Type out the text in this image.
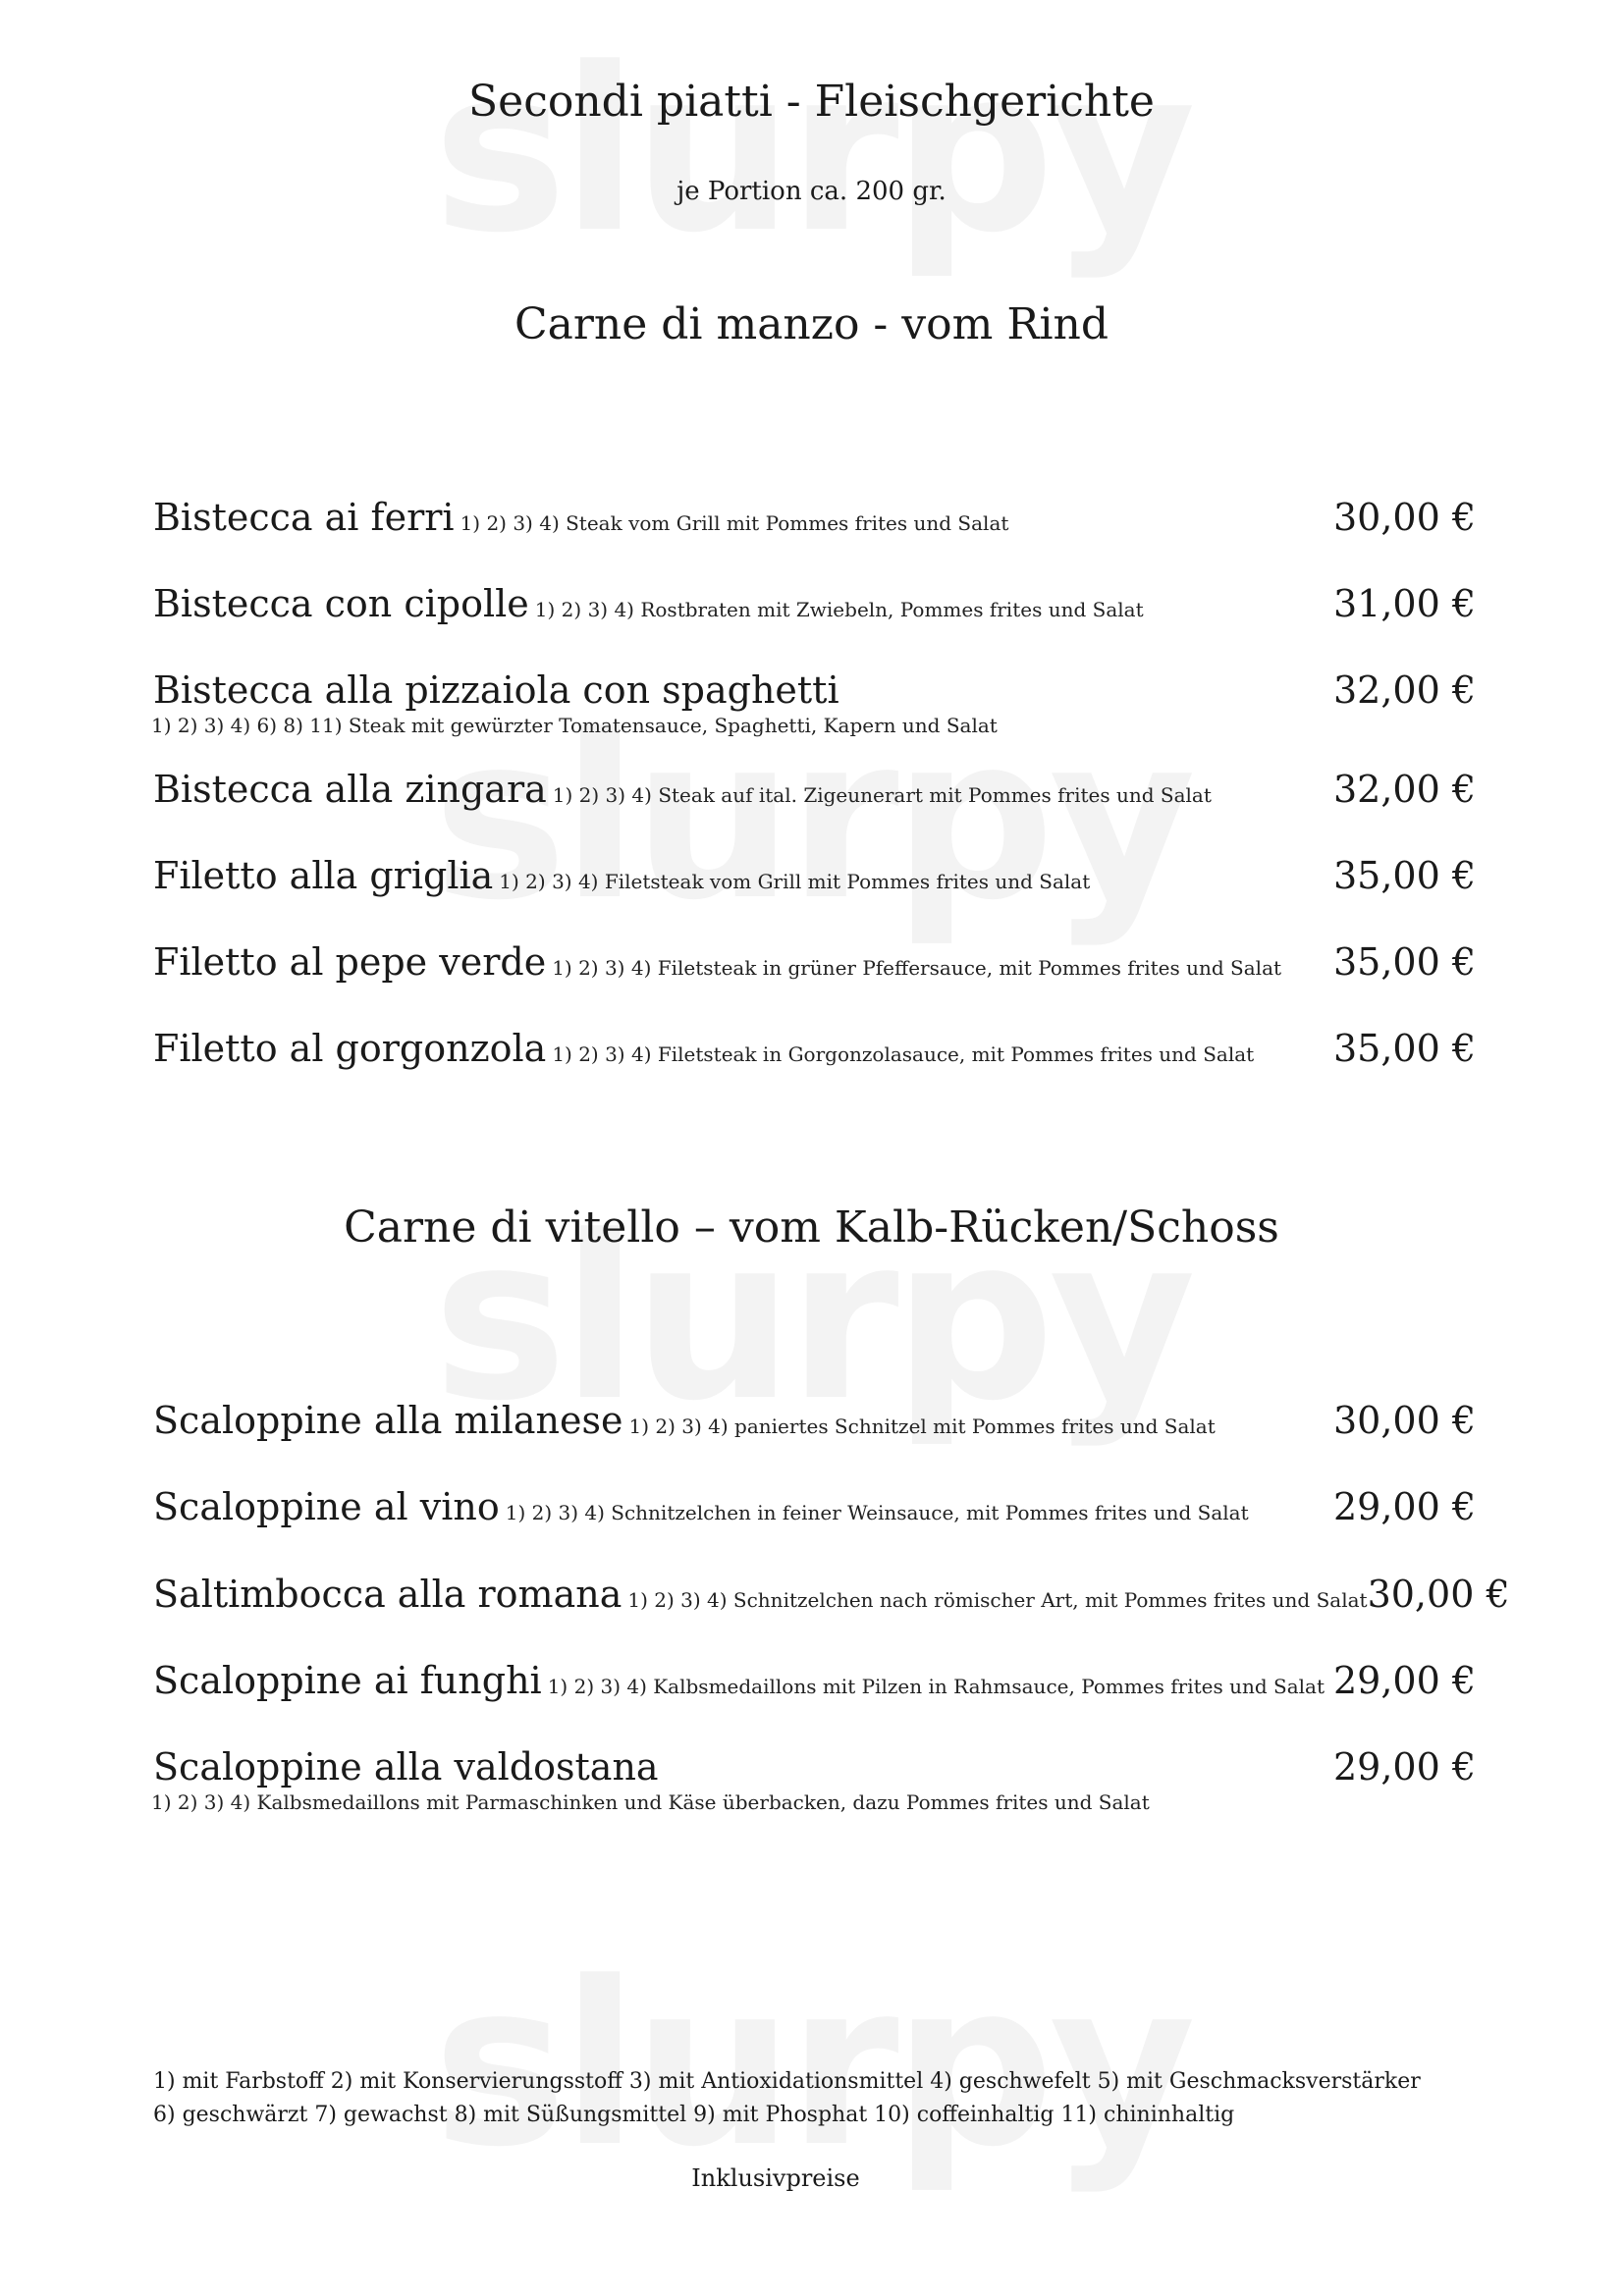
Secondi piatti - Fleischgerichte
je Portion ca. 200 gr.
Carne di manzo - vom Rind
Bistecca ai ferri 1) 2) 3) 4) Steak vom Grill mit Pommes frites und Salat	30,00 €
Bistecca con cipolle 1) 2) 3) 4) Rostbraten mit Zwiebeln, Pommes frites und Salat	31,00 €
Bistecca alla pizzaiola con spaghetti	32,00 €
1) 2) 3) 4) 6) 8) 11) Steak mit gewürzter Tomatensauce, Spaghetti, Kapern und Salat
Bistecca alla zingara 1) 2) 3) 4) Steak auf ital. Zigeunerart mit Pommes frites und Salat	32,00 €
Filetto alla griglia 1) 2) 3) 4) Filetsteak vom Grill mit Pommes frites und Salat	35,00 €
Filetto al pepe verde 1) 2) 3) 4) Filetsteak in grüner Pfeffersauce, mit Pommes frites und Salat 35,00 €
Filetto al gorgonzola 1) 2) 3) 4) Filetsteak in Gorgonzolasauce, mit Pommes frites und Salat 35,00 €
Carne di vitello – vom Kalb-Rücken/Schoss
Scaloppine alla milanese 1) 2) 3) 4) paniertes Schnitzel mit Pommes frites und Salat	30,00 €
Scaloppine al vino 1) 2) 3) 4) Schnitzelchen in feiner Weinsauce, mit Pommes frites und Salat 29,00 €
Saltimbocca alla romana 1) 2) 3) 4) Schnitzelchen nach römischer Art, mit Pommes frites und Salat 30,00 €
Scaloppine ai funghi 1) 2) 3) 4) Kalbsmedaillons mit Pilzen in Rahmsauce, Pommes frites und Salat 29,00 €
Scaloppine alla valdostana	29,00 €
1) 2) 3) 4) Kalbsmedaillons mit Parmaschinken und Käse überbacken, dazu Pommes frites und Salat
1) mit Farbstoff 2) mit Konservierungsstoff 3) mit Antioxidationsmittel 4) geschwefelt 5) mit Geschmacksverstärker
6) geschwärzt 7) gewachst 8) mit Süßungsmittel 9) mit Phosphat 10) coffeinhaltig 11) chininhaltig
Inklusivpreise
